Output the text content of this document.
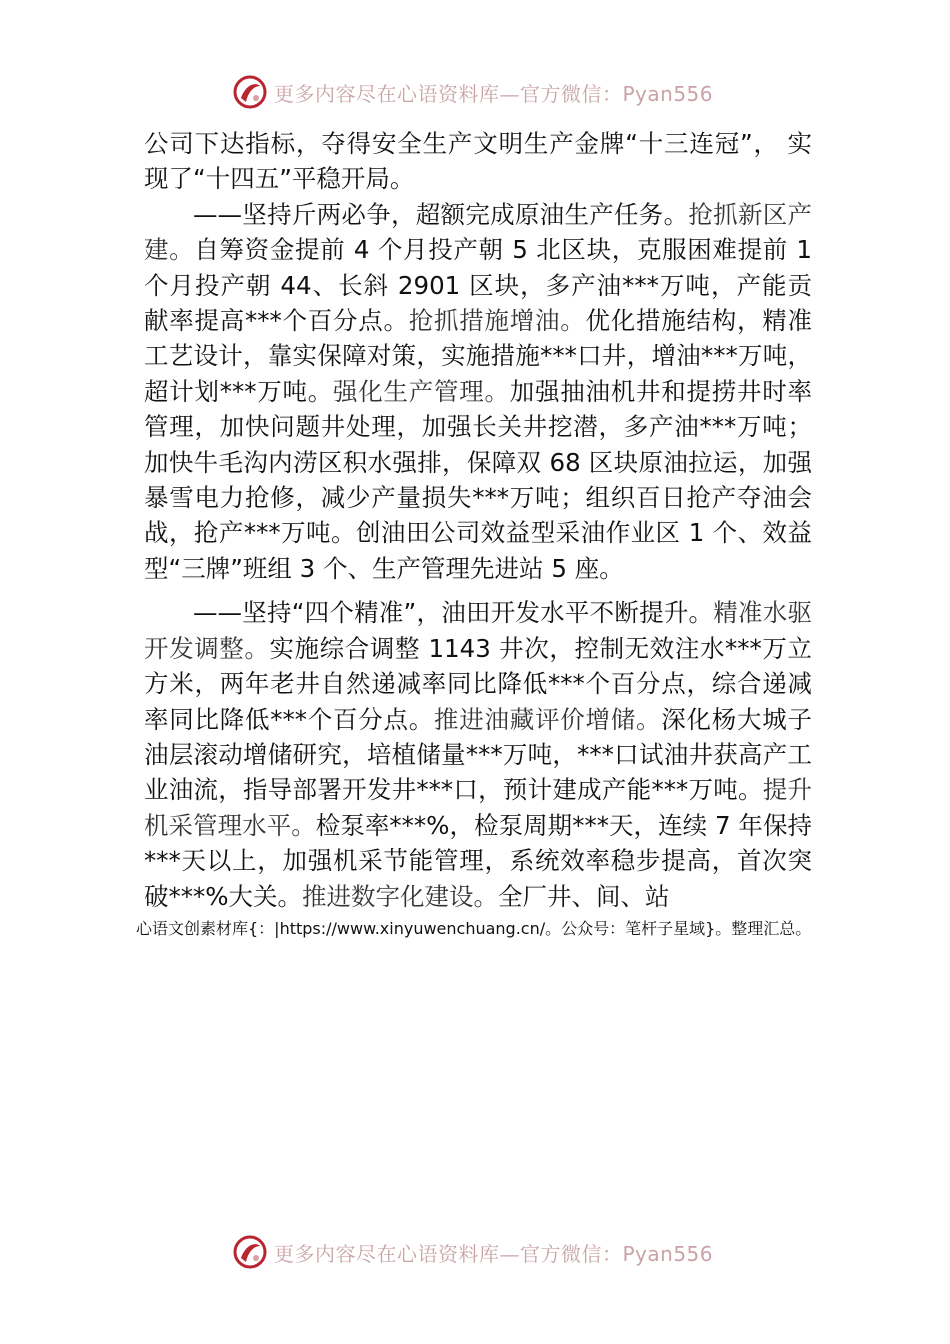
更多内容尽在心语资料库—官方微信：Pyan556

公司下达指标，夺得安全生产文明生产金牌“十三连冠”， 实现了“十四五”平稳开局。

——坚持斤两必争，超额完成原油生产任务。抢抓新区产建。自筹资金提前 4 个月投产朝 5 北区块，克服困难提前 1 个月投产朝 44、长斜 2901 区块，多产油***万吨，产能贡献率提高***个百分点。抢抓措施增油。优化措施结构，精准工艺设计，靠实保障对策，实施措施***口井，增油***万吨，超计划***万吨。强化生产管理。加强抽油机井和提捞井时率管理，加快问题井处理，加强长关井挖潜，多产油***万吨；加快牛毛沟内涝区积水强排，保障双 68 区块原油拉运，加强暴雪电力抢修，减少产量损失***万吨；组织百日抢产夺油会战，抢产***万吨。创油田公司效益型采油作业区 1 个、效益型“三牌”班组 3 个、生产管理先进站 5 座。

——坚持“四个精准”，油田开发水平不断提升。精准水驱开发调整。实施综合调整 1143 井次，控制无效注水***万立方米，两年老井自然递减率同比降低***个百分点，综合递减率同比降低***个百分点。推进油藏评价增储。深化杨大城子油层滚动增储研究，培植储量***万吨，***口试油井获高产工业油流，指导部署开发井***口，预计建成产能***万吨。提升机采管理水平。检泵率***%，检泵周期***天，连续 7 年保持***天以上，加强机采节能管理，系统效率稳步提高，首次突破***%大关。推进数字化建设。全厂井、间、站

心语文创素材库{：|https://www.xinyuwenchuang.cn/。公众号：笔杆子星域}。整理汇总。
更多内容尽在心语资料库—官方微信：Pyan556
